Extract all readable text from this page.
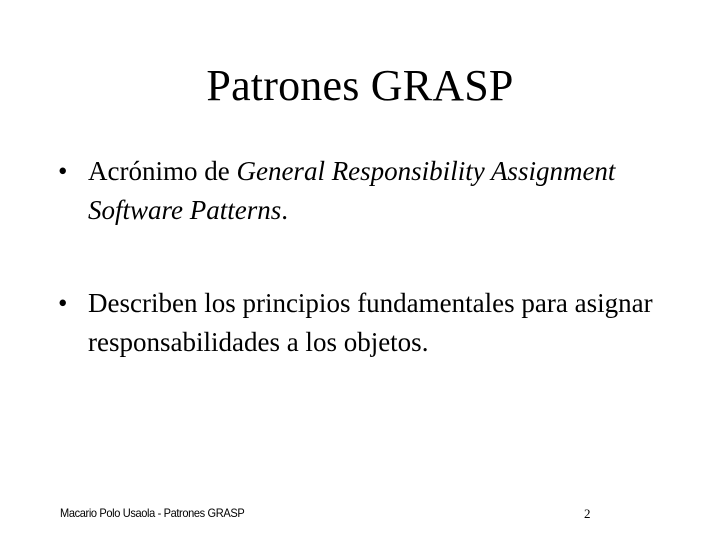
Patrones GRASP
• Acrónimo de General Responsibility Assignment Software Patterns.
• Describen los principios fundamentales para asignar responsabilidades a los objetos.
Macario Polo Usaola - Patrones GRASP	2
